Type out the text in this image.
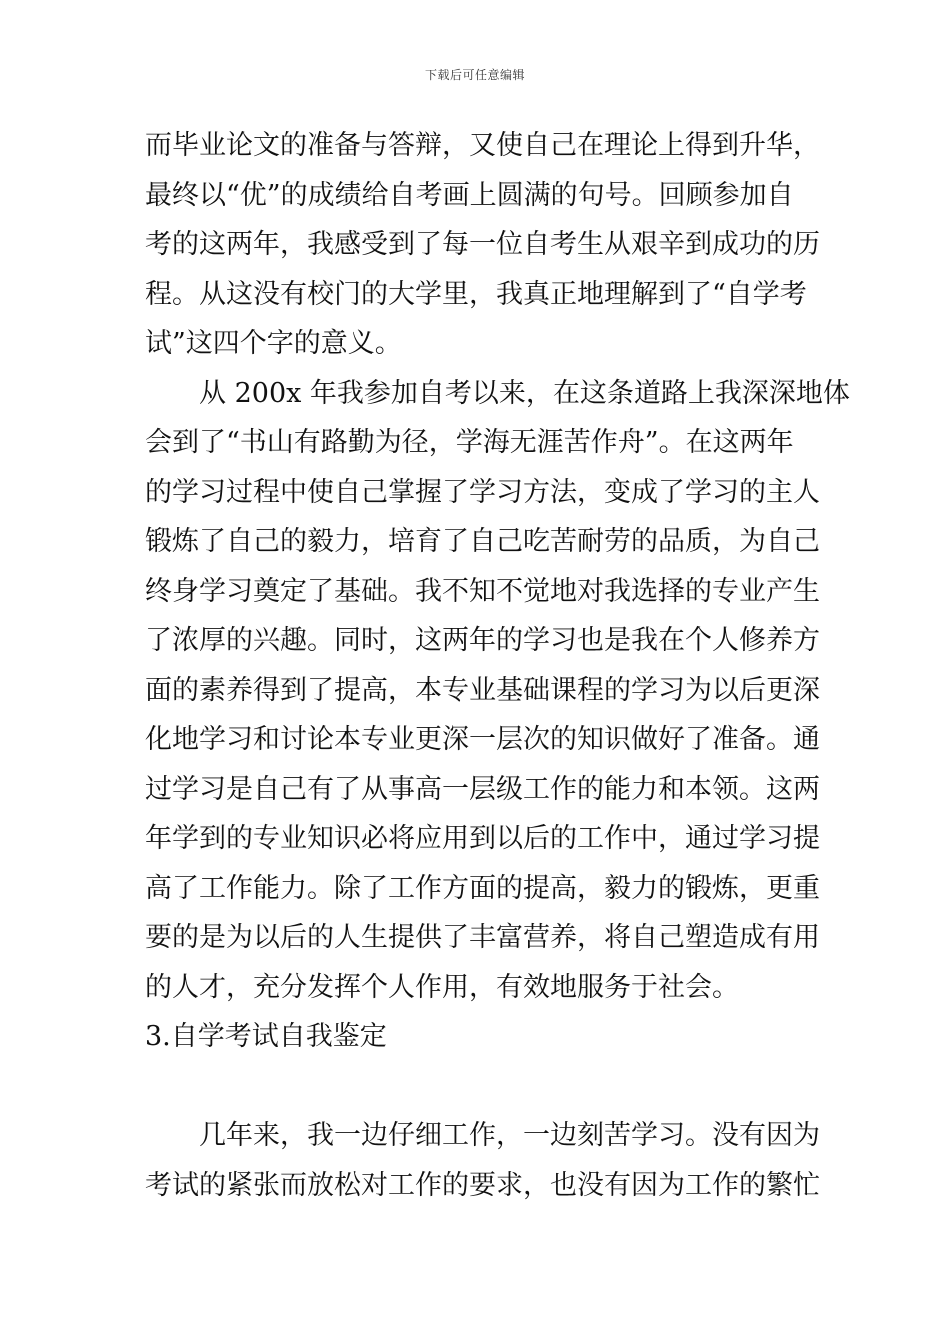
下载后可任意编辑
而毕业论文的准备与答辩，又使自己在理论上得到升华，
最终以“优”的成绩给自考画上圆满的句号。回顾参加自
考的这两年，我感受到了每一位自考生从艰辛到成功的历
程。从这没有校门的大学里，我真正地理解到了“自学考
试”这四个字的意义。
从 200x 年我参加自考以来，在这条道路上我深深地体
会到了“书山有路勤为径，学海无涯苦作舟”。在这两年
的学习过程中使自己掌握了学习方法，变成了学习的主人
锻炼了自己的毅力，培育了自己吃苦耐劳的品质，为自己
终身学习奠定了基础。我不知不觉地对我选择的专业产生
了浓厚的兴趣。同时，这两年的学习也是我在个人修养方
面的素养得到了提高，本专业基础课程的学习为以后更深
化地学习和讨论本专业更深一层次的知识做好了准备。通
过学习是自己有了从事高一层级工作的能力和本领。这两
年学到的专业知识必将应用到以后的工作中，通过学习提
高了工作能力。除了工作方面的提高，毅力的锻炼，更重
要的是为以后的人生提供了丰富营养，将自己塑造成有用
的人才，充分发挥个人作用，有效地服务于社会。
3.自学考试自我鉴定
几年来，我一边仔细工作，一边刻苦学习。没有因为
考试的紧张而放松对工作的要求，也没有因为工作的繁忙
